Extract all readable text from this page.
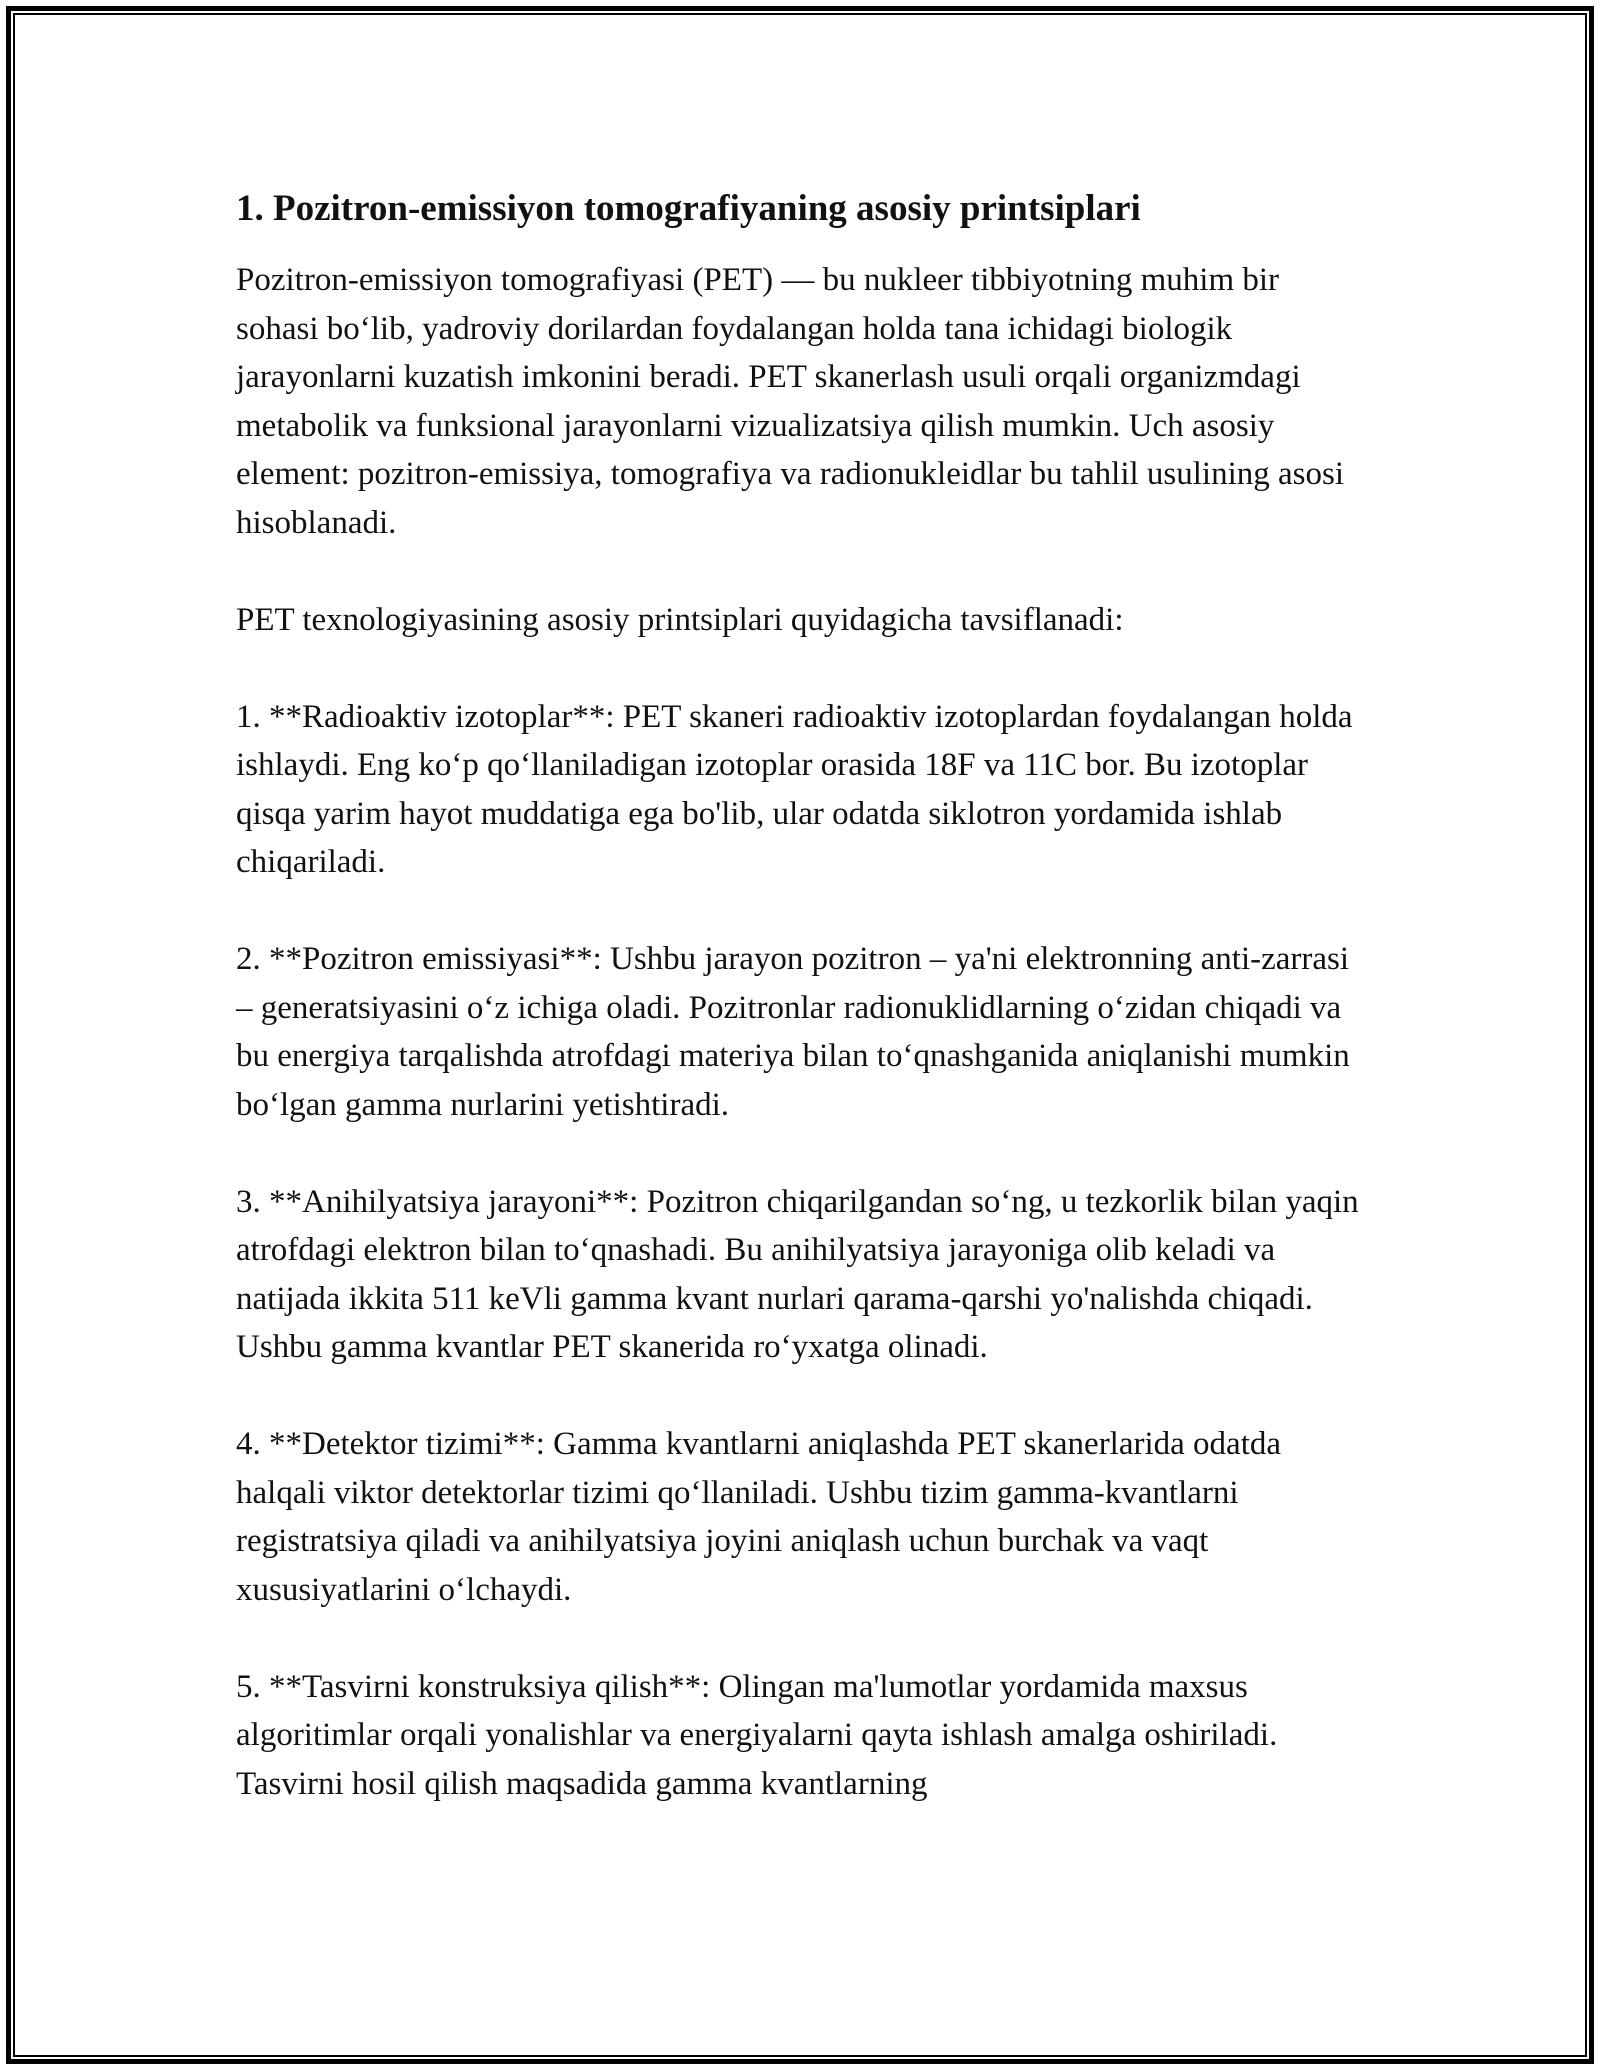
1. Pozitron-emissiyon tomografiyaning asosiy printsiplari

Pozitron-emissiyon tomografiyasi (PET) — bu nukleer tibbiyotning muhim bir sohasi bo‘lib, yadroviy dorilardan foydalangan holda tana ichidagi biologik jarayonlarni kuzatish imkonini beradi. PET skanerlash usuli orqali organizmdagi metabolik va funksional jarayonlarni vizualizatsiya qilish mumkin. Uch asosiy element: pozitron-emissiya, tomografiya va radionukleidlar bu tahlil usulining asosi hisoblanadi.

PET texnologiyasining asosiy printsiplari quyidagicha tavsiflanadi:

1. **Radioaktiv izotoplar**: PET skaneri radioaktiv izotoplardan foydalangan holda ishlaydi. Eng ko‘p qo‘llaniladigan izotoplar orasida 18F va 11C bor. Bu izotoplar qisqa yarim hayot muddatiga ega bo'lib, ular odatda siklotron yordamida ishlab chiqariladi.

2. **Pozitron emissiyasi**: Ushbu jarayon pozitron – ya'ni elektronning anti-zarrasi – generatsiyasini o‘z ichiga oladi. Pozitronlar radionuklidlarning o‘zidan chiqadi va bu energiya tarqalishda atrofdagi materiya bilan to‘qnashganida aniqlanishi mumkin bo‘lgan gamma nurlarini yetishtiradi.

3. **Anihilyatsiya jarayoni**: Pozitron chiqarilgandan so‘ng, u tezkorlik bilan yaqin atrofdagi elektron bilan to‘qnashadi. Bu anihilyatsiya jarayoniga olib keladi va natijada ikkita 511 keVli gamma kvant nurlari qarama-qarshi yo'nalishda chiqadi. Ushbu gamma kvantlar PET skanerida ro‘yxatga olinadi.

4. **Detektor tizimi**: Gamma kvantlarni aniqlashda PET skanerlarida odatda halqali viktor detektorlar tizimi qo‘llaniladi. Ushbu tizim gamma-kvantlarni registratsiya qiladi va anihilyatsiya joyini aniqlash uchun burchak va vaqt xususiyatlarini o‘lchaydi.

5. **Tasvirni konstruksiya qilish**: Olingan ma'lumotlar yordamida maxsus algoritimlar orqali yonalishlar va energiyalarni qayta ishlash amalga oshiriladi. Tasvirni hosil qilish maqsadida gamma kvantlarning
